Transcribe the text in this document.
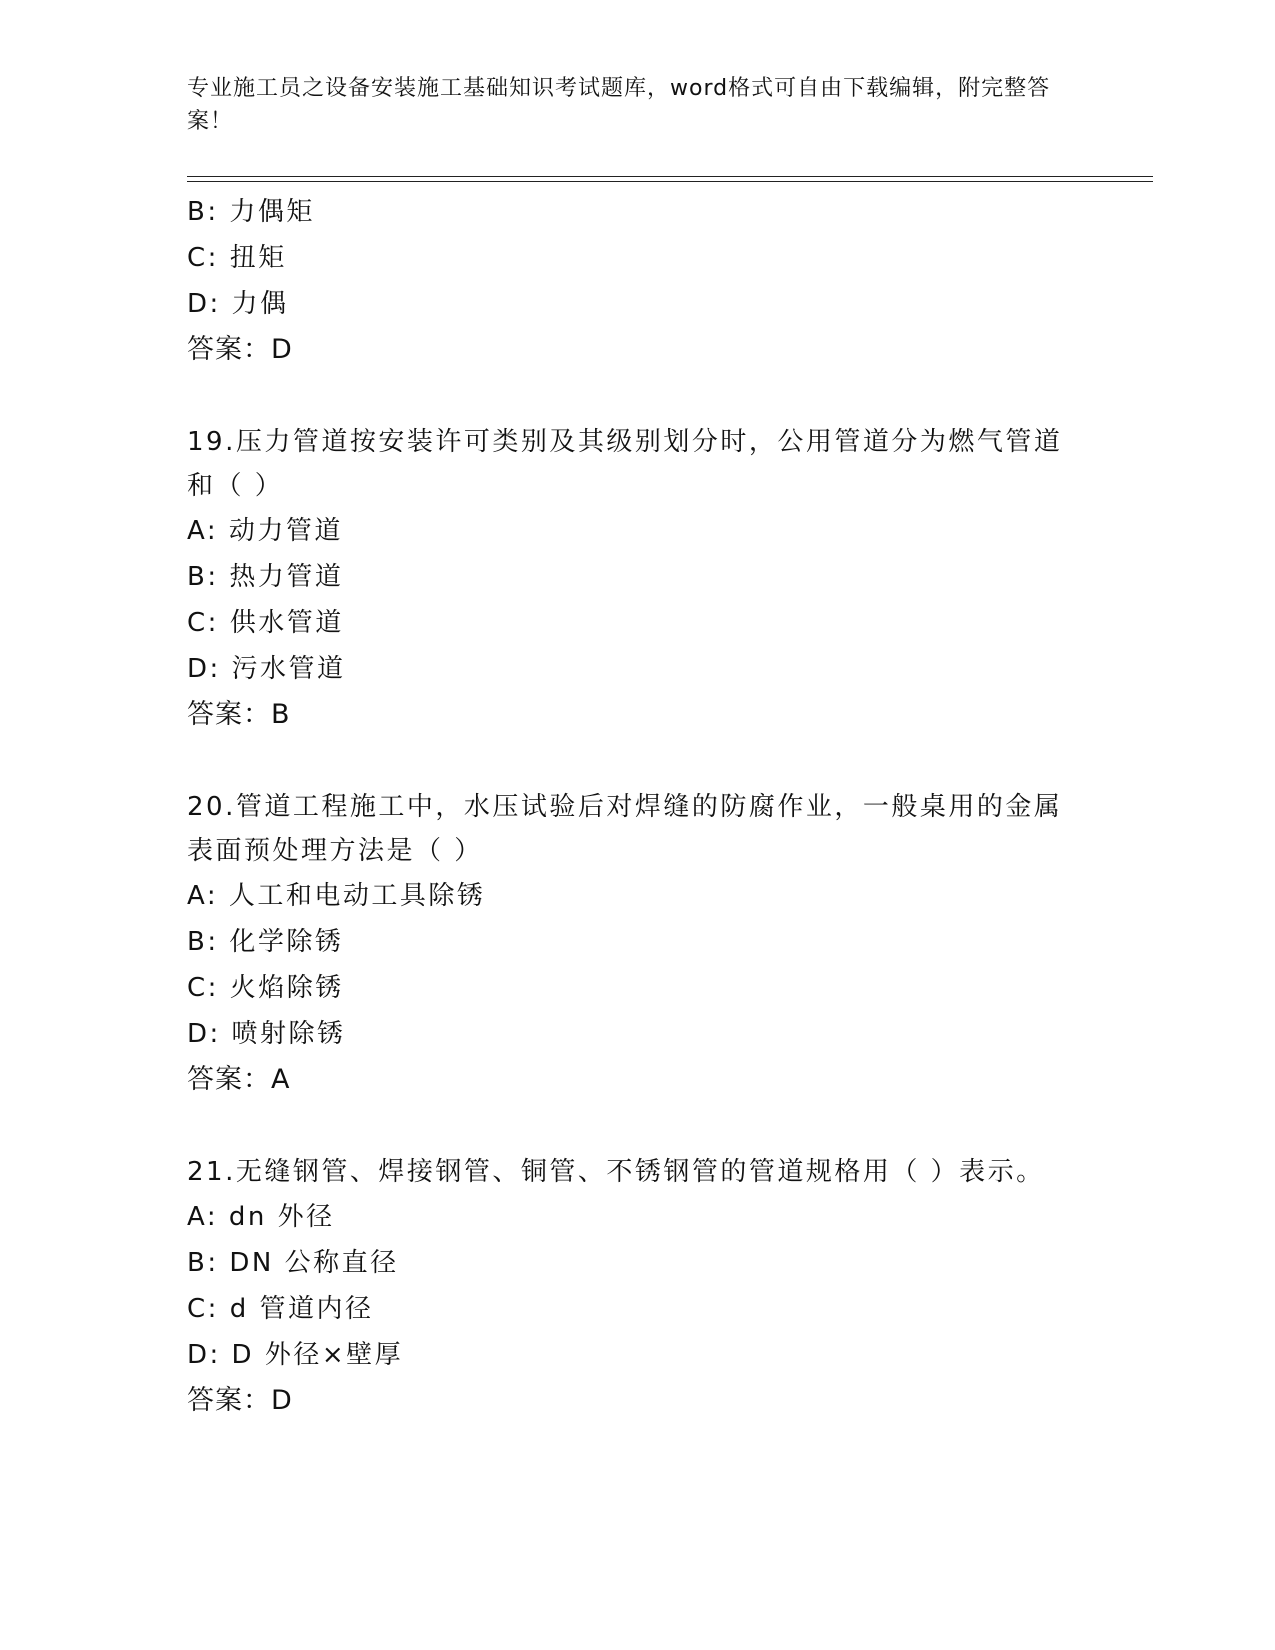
专业施工员之设备安装施工基础知识考试题库，word格式可自由下载编辑，附完整答案！

B: 力偶矩

C: 扭矩

D: 力偶

答案：D

19.压力管道按安装许可类别及其级别划分时，公用管道分为燃气管道和（ ）

A: 动力管道

B: 热力管道

C: 供水管道

D: 污水管道

答案：B

20.管道工程施工中，水压试验后对焊缝的防腐作业，一般桌用的金属表面预处理方法是（ ）

A: 人工和电动工具除锈

B: 化学除锈

C: 火焰除锈

D: 喷射除锈

答案：A

21.无缝钢管、焊接钢管、铜管、不锈钢管的管道规格用（ ）表示。

A: dn 外径

B: DN 公称直径

C: d 管道内径

D: D 外径×壁厚

答案：D
